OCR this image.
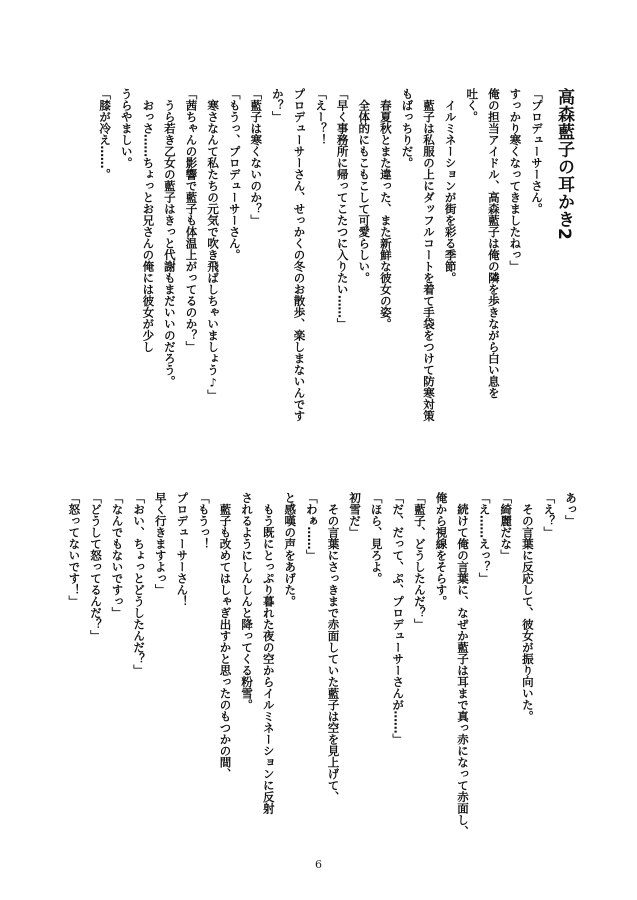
高森藍子の耳かき2
「プロデューサーさん。
すっかり寒くなってきましたねっ」
俺の担当アイドル、高森藍子は俺の隣を歩きながら白い息を
吐く。
　イルミネーションが街を彩る季節。
　藍子は私服の上にダッフルコートを着て手袋をつけて防寒対策
もばっちりだ。
　春夏秋とまた違った、また新鮮な彼女の姿。
　全体的にもこもこして可愛らしい。
「早く事務所に帰ってこたつに入りたい……」
「えー？！
プロデューサーさん、せっかくの冬のお散歩、楽しまないんです
か？」
「藍子は寒くないのか？」
「もうっ、プロデューサーさん。
　寒さなんて私たちの元気で吹き飛ばしちゃいましょう♪」
「茜ちゃんの影響で藍子も体温上がってるのか？」
　うら若き乙女の藍子はきっと代謝もまだいいのだろう。
　おっさ……ちょっとお兄さんの俺には彼女が少し
うらやましい。
「膝が冷え……。
あっ」
「え？」
　その言葉に反応して、彼女が振り向いた。
「綺麗だな」
「え……えっ？」
　続けて俺の言葉に、なぜか藍子は耳まで真っ赤になって赤面し、
俺から視線をそらす。
「藍子、どうしたんだ？」
「だ、だって、ぷ、プロデューサーさんが……」
「ほら、見ろよ。
初雪だ」
　その言葉にさっきまで赤面していた藍子は空を見上げて、
「わぁ……」
と感嘆の声をあげた。
　もう既にとっぷり暮れた夜の空からイルミネーションに反射
されるようにしんしんと降ってくる粉雪。
　藍子も改めてはしゃぎ出すかと思ったのもつかの間、
「もうっ！
プロデューサーさん！
早く行きますよっ」
「おい、ちょっとどうしたんだ？」
「なんでもないですっ」
「どうして怒ってるんだ？」
「怒ってないです！」
6
